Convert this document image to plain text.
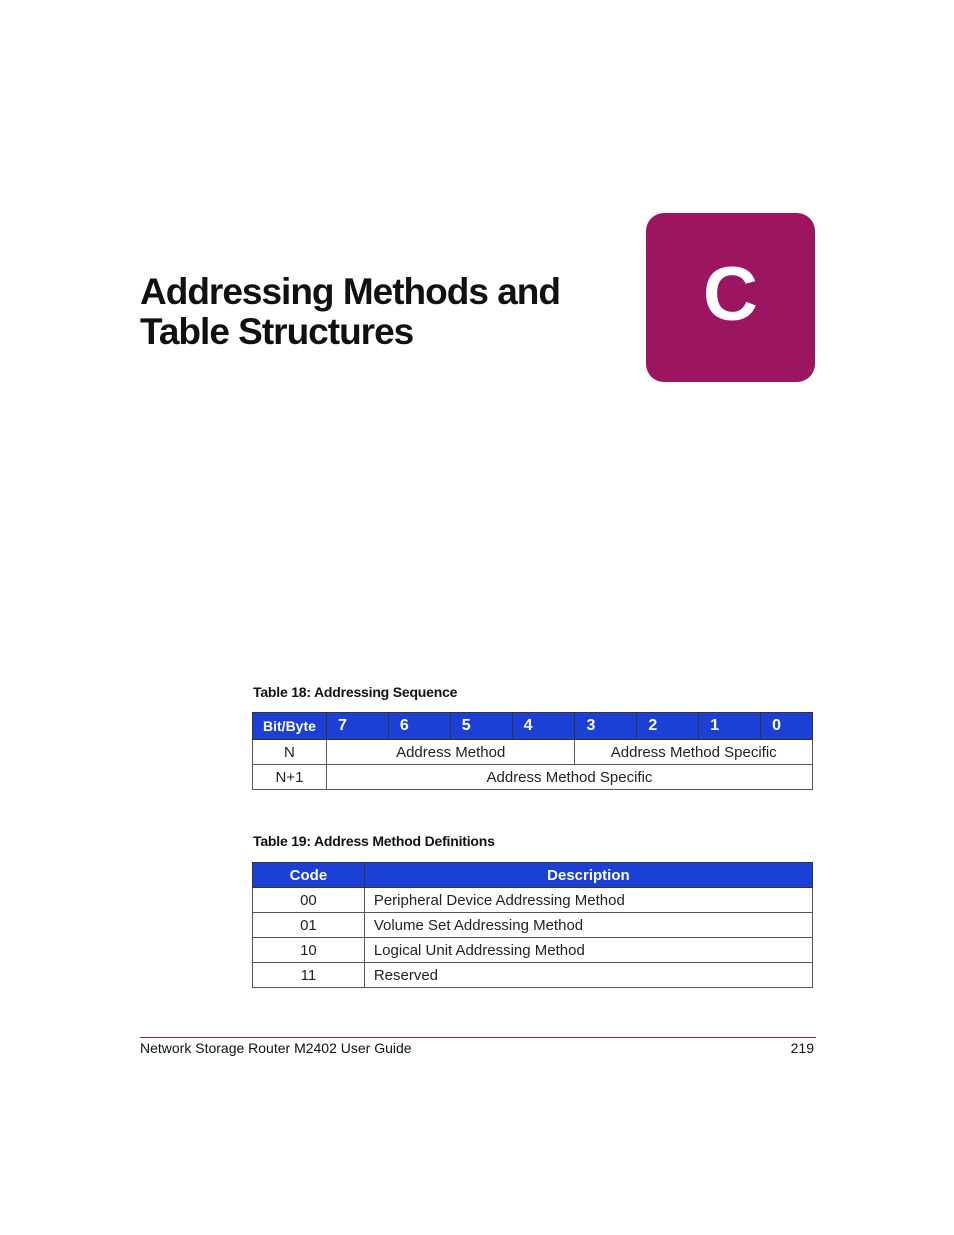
Addressing Methods and
Table Structures	C
Table 18: Addressing Sequence
Bit/Byte	7	6	5	4	3	2	1	0
N	Address Method				Address Method Specific			
N+1	Address Method Specific							
Table 19: Address Method Definitions
Code	Description
00	Peripheral Device Addressing Method
01	Volume Set Addressing Method
10	Logical Unit Addressing Method
11	Reserved
Network Storage Router M2402 User Guide	219
